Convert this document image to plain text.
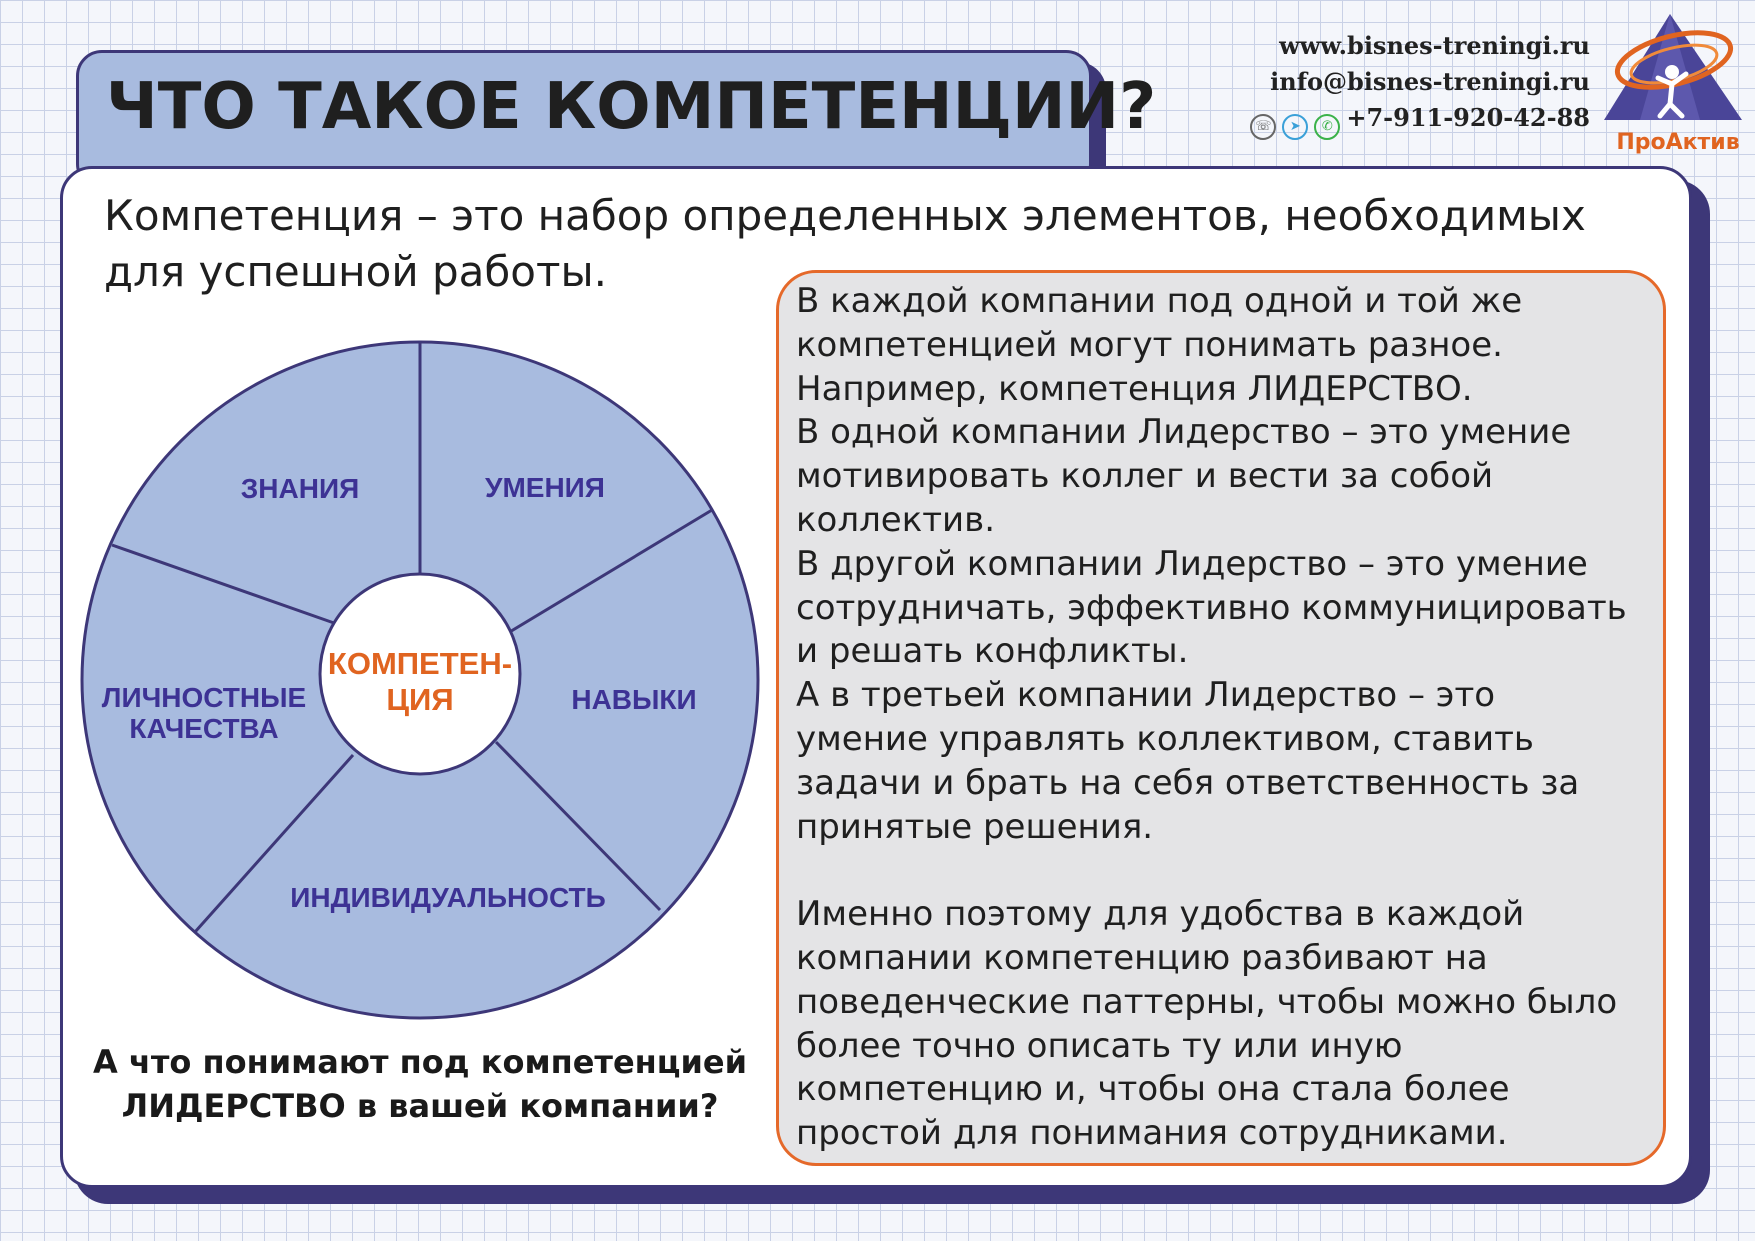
ЧТО ТАКОЕ КОМПЕТЕНЦИИ?
www.bisnes-treningi.ru
info@bisnes-treningi.ru
☏ ➤ ✆ +7-911-920-42-88
ПроАктив
Компетенция – это набор определенных элементов, необходимых для успешной работы.
КОМПЕТЕН-
ЦИЯ
ЗНАНИЯ	УМЕНИЯ
НАВЫКИ
ИНДИВИДУАЛЬНОСТЬ
ЛИЧНОСТНЫЕ
КАЧЕСТВА
А что понимают под компетенцией
ЛИДЕРСТВО в вашей компании?

В каждой компании под одной и той же

компетенцией могут понимать разное.

Например, компетенция ЛИДЕРСТВО.

В одной компании Лидерство – это умение

мотивировать коллег и вести за собой

коллектив.

В другой компании Лидерство – это умение

сотрудничать, эффективно коммуницировать

и решать конфликты.

А в третьей компании Лидерство – это

умение управлять коллективом, ставить

задачи и брать на себя ответственность за

принятые решения.

Именно поэтому для удобства в каждой

компании компетенцию разбивают на

поведенческие паттерны, чтобы можно было

более точно описать ту или иную

компетенцию и, чтобы она стала более

простой для понимания сотрудниками.
